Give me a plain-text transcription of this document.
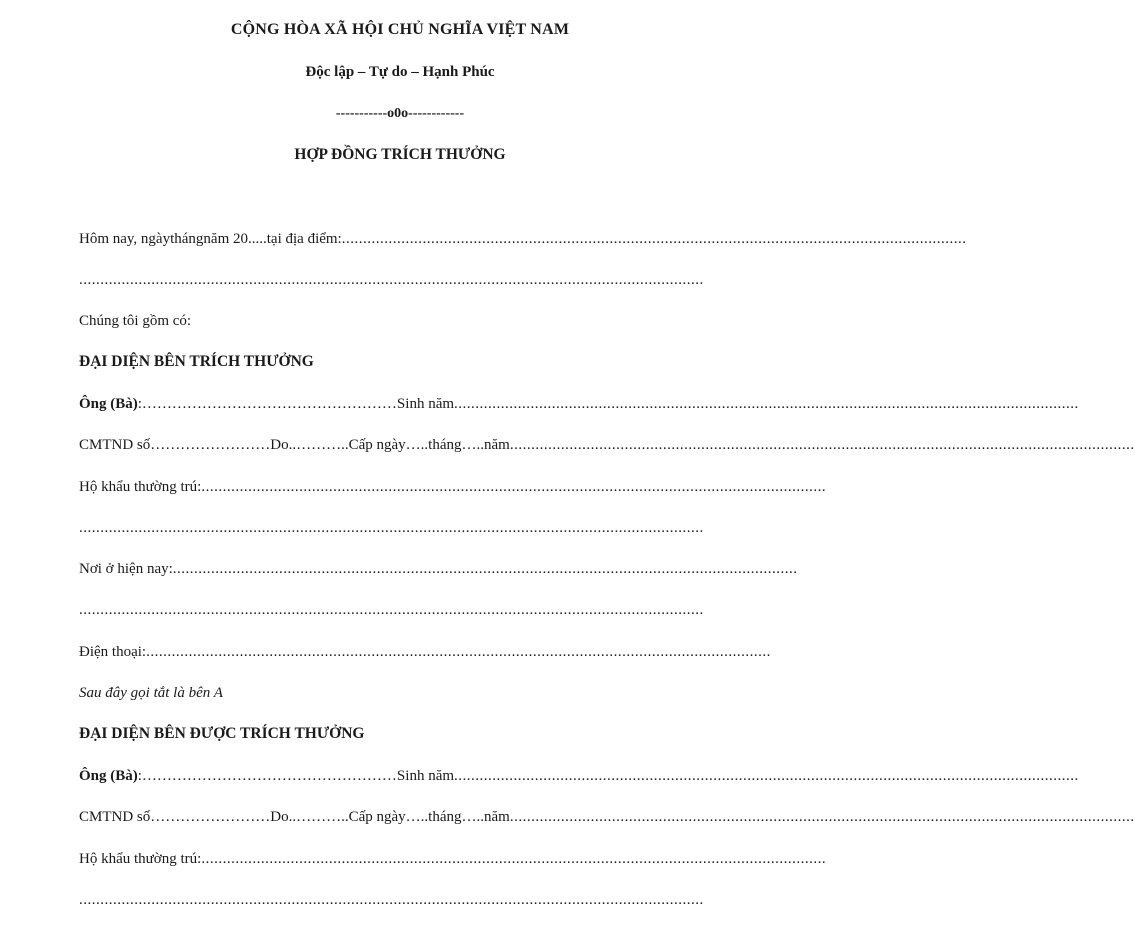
CỘNG HÒA XÃ HỘI CHỦ NGHĨA VIỆT NAM
Độc lập – Tự do – Hạnh Phúc
-----------o0o------------
HỢP ĐỒNG TRÍCH THƯỞNG
Hôm nay, ngày tháng năm 20.....tại địa điểm: ...................................................................................................................................................
...................................................................................................................................................
Chúng tôi gồm có:
ĐẠI DIỆN BÊN TRÍCH THƯỞNG
Ông (Bà) :……………………………………………Sinh năm ...................................................................................................................................................
CMTND số……………………Do..………..Cấp ngày…..tháng…..năm ...................................................................................................................................................
Hộ khẩu thường trú: ...................................................................................................................................................
...................................................................................................................................................
Nơi ở hiện nay: ...................................................................................................................................................
...................................................................................................................................................
Điện thoại: ...................................................................................................................................................
Sau đây gọi tắt là bên A
ĐẠI DIỆN BÊN ĐƯỢC TRÍCH THƯỞNG
Ông (Bà) :……………………………………………Sinh năm ...................................................................................................................................................
CMTND số……………………Do..………..Cấp ngày…..tháng…..năm ...................................................................................................................................................
Hộ khẩu thường trú: ...................................................................................................................................................
...................................................................................................................................................
